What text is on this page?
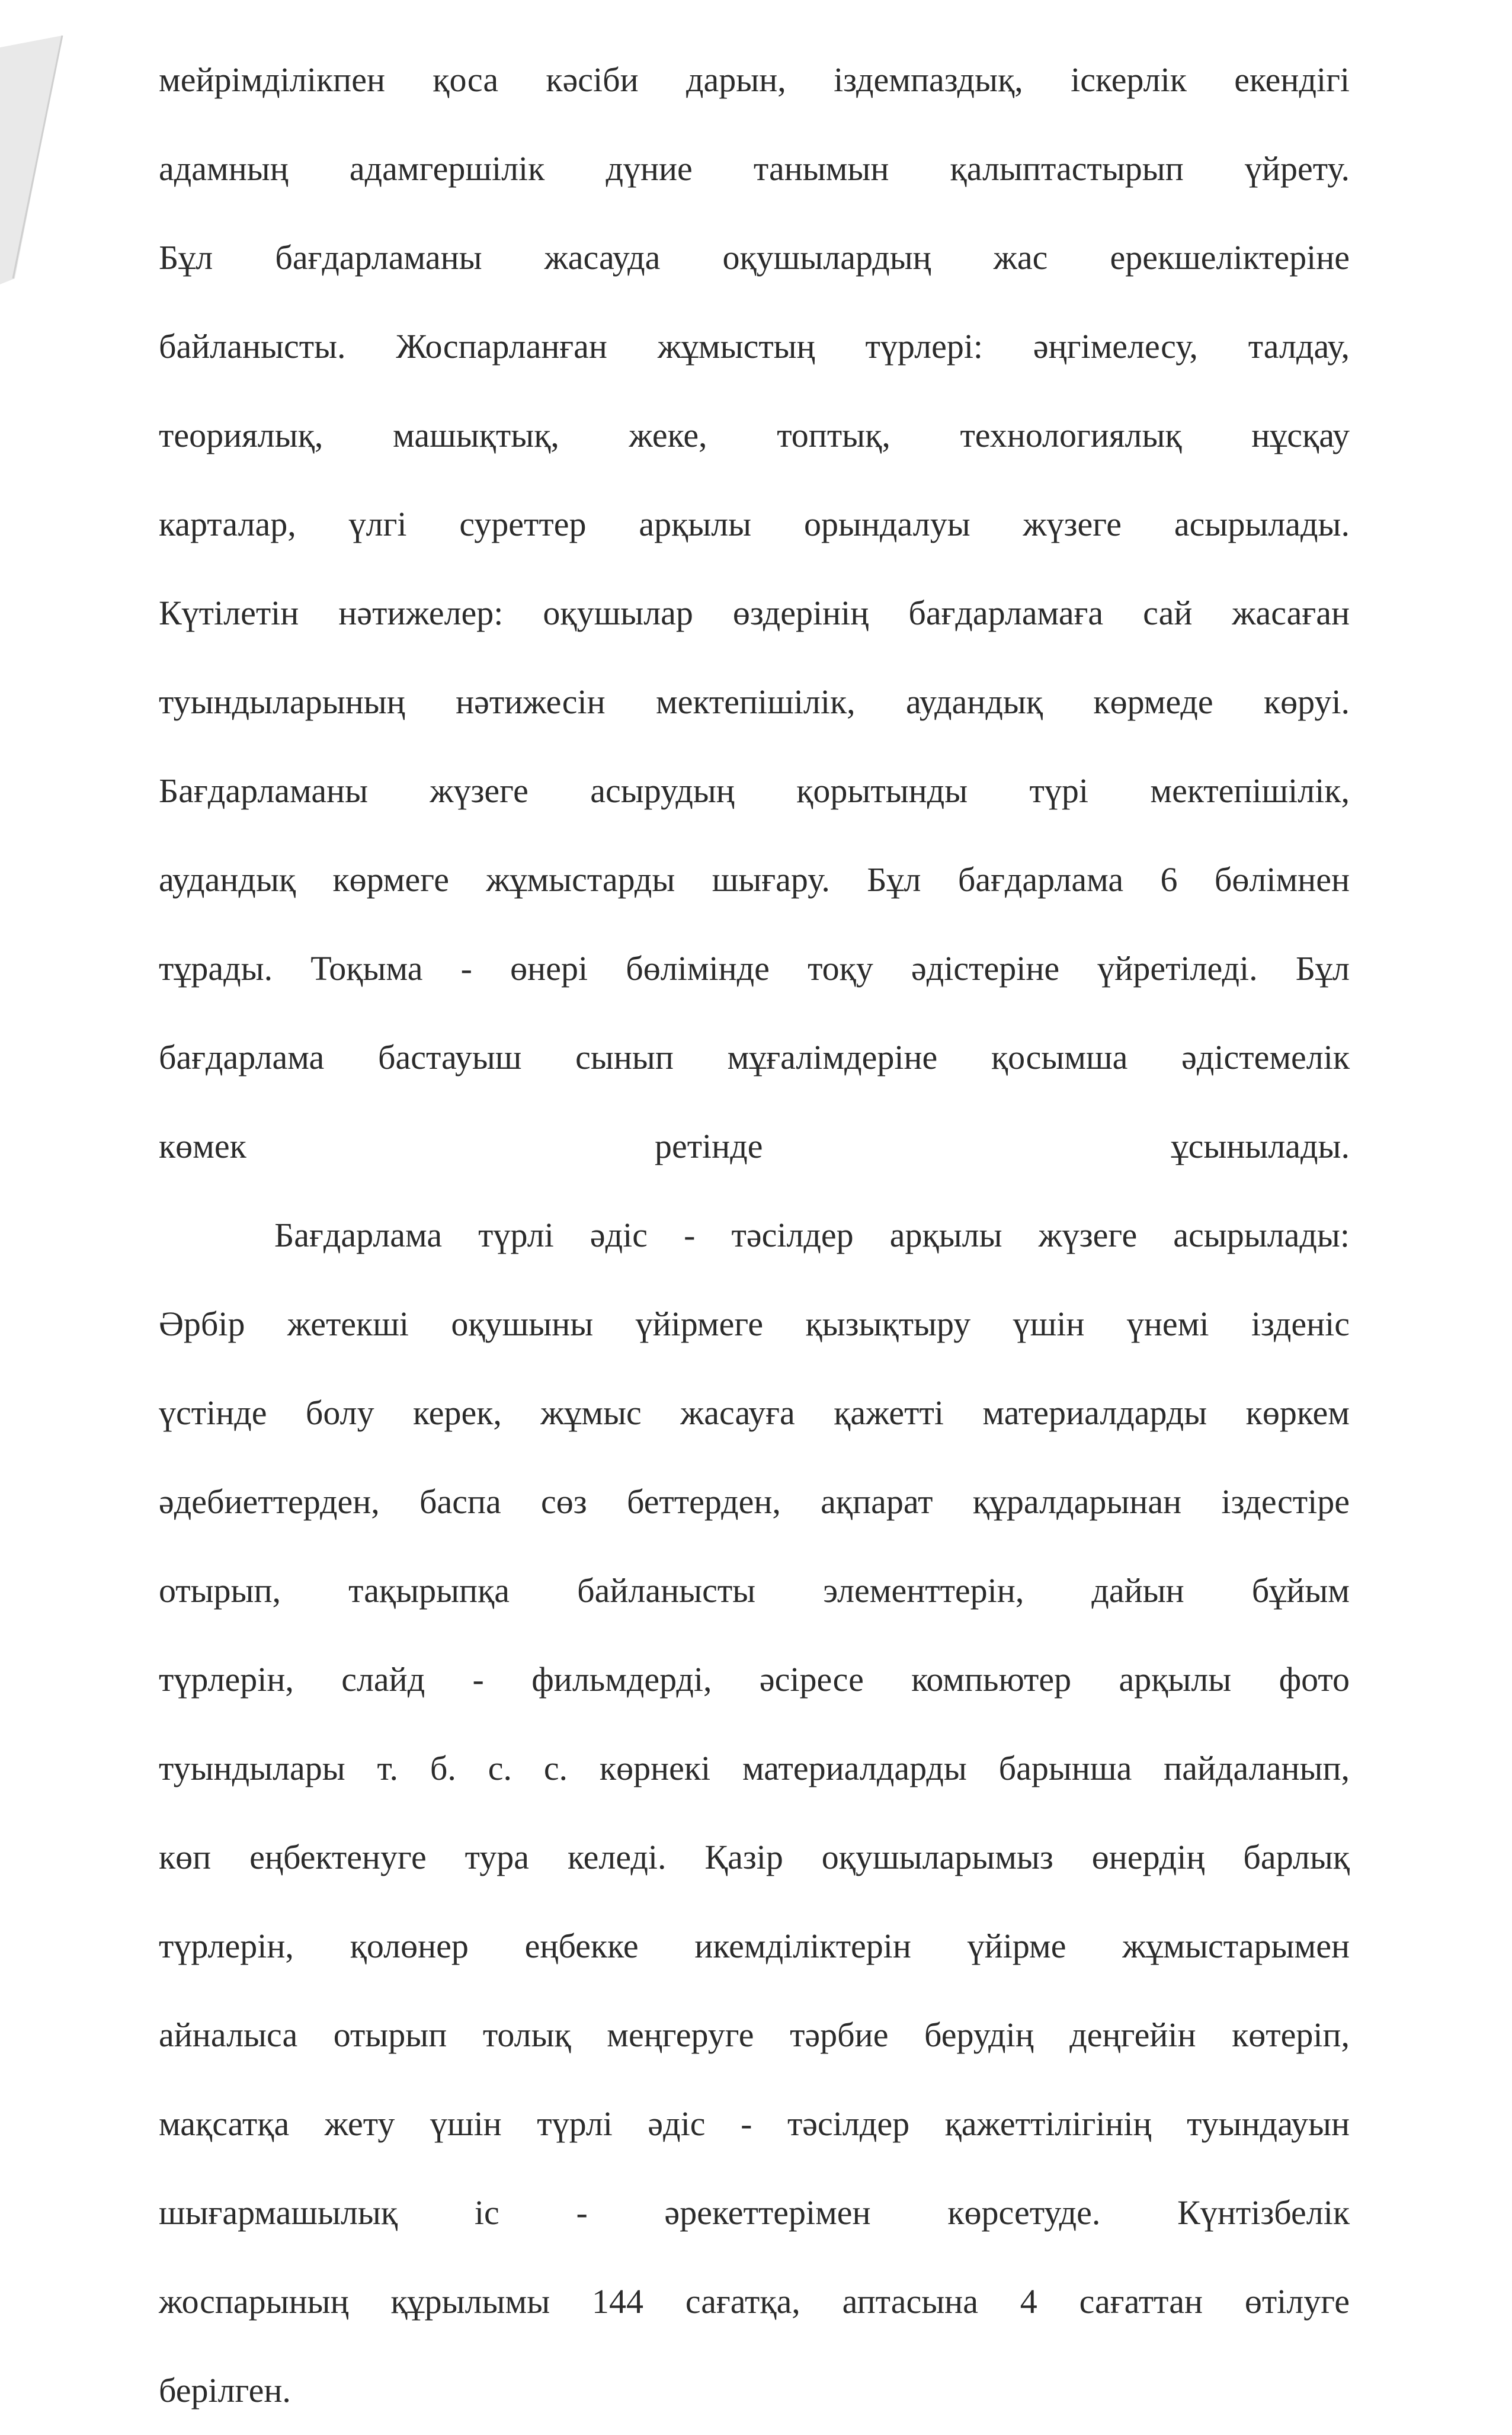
мейрімділікпен қоса кәсіби дарын, іздемпаздық, іскерлік екендігі
адамның адамгершілік дүние танымын қалыптастырып үйрету.
Бұл бағдарламаны жасауда оқушылардың жас ерекшеліктеріне
байланысты. Жоспарланған жұмыстың түрлері: әңгімелесу, талдау,
теориялық, машықтық, жеке, топтық, технологиялық нұсқау
карталар, үлгі суреттер арқылы орындалуы жүзеге асырылады.
Күтілетін нәтижелер: оқушылар өздерінің бағдарламаға сай жасаған
туындыларының нәтижесін мектепішілік, аудандық көрмеде көруі.
Бағдарламаны жүзеге асырудың қорытынды түрі мектепішілік,
аудандық көрмеге жұмыстарды шығару. Бұл бағдарлама 6 бөлімнен
тұрады. Тоқыма - өнері бөлімінде тоқу әдістеріне үйретіледі. Бұл
бағдарлама бастауыш сынып мұғалімдеріне қосымша әдістемелік
көмек ретінде ұсынылады.
Бағдарлама түрлі әдіс - тәсілдер арқылы жүзеге асырылады:
Әрбір жетекші оқушыны үйірмеге қызықтыру үшін үнемі ізденіс
үстінде болу керек, жұмыс жасауға қажетті материалдарды көркем
әдебиеттерден, баспа сөз беттерден, ақпарат құралдарынан іздестіре
отырып, тақырыпқа байланысты элементтерін, дайын бұйым
түрлерін, слайд - фильмдерді, әсіресе компьютер арқылы фото
туындылары т. б. с. с. көрнекі материалдарды барынша пайдаланып,
көп еңбектенуге тура келеді. Қазір оқушыларымыз өнердің барлық
түрлерін, қолөнер еңбекке икемділіктерін үйірме жұмыстарымен
айналыса отырып толық меңгеруге тәрбие берудің деңгейін көтеріп,
мақсатқа жету үшін түрлі әдіс - тәсілдер қажеттілігінің туындауын
шығармашылық іс - әрекеттерімен көрсетуде. Күнтізбелік
жоспарының құрылымы 144 сағатқа, аптасына 4 сағаттан өтілуге
берілген.
